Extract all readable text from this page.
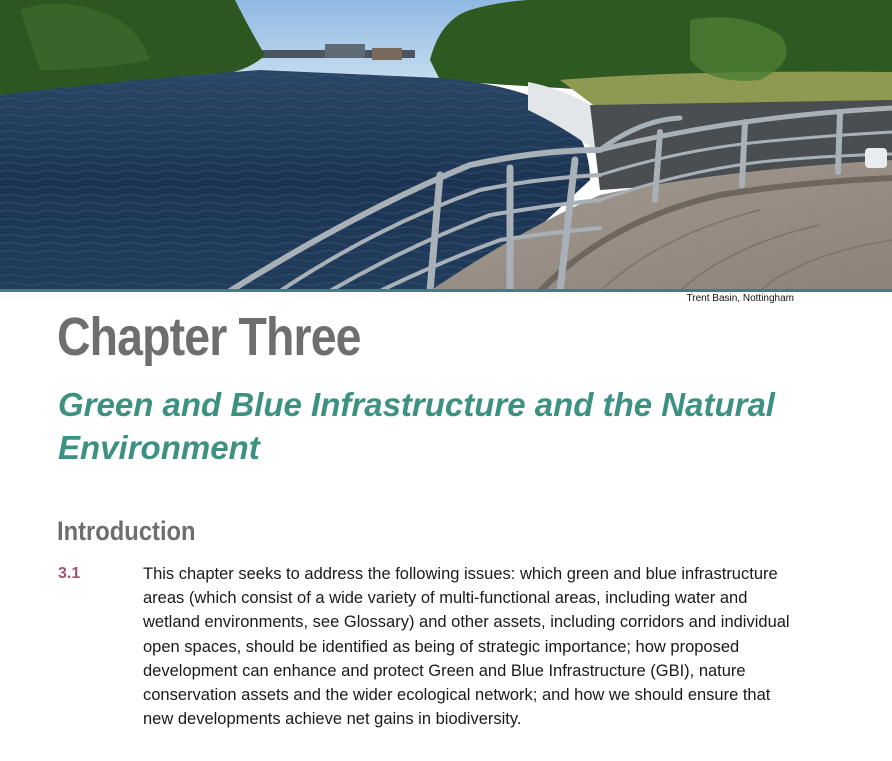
Trent Basin, Nottingham
Chapter Three
Green and Blue Infrastructure and the Natural Environment
Introduction
3.1	This chapter seeks to address the following issues: which green and blue infrastructure areas (which consist of a wide variety of multi-functional areas, including water and wetland environments, see Glossary) and other assets, including corridors and individual open spaces, should be identified as being of strategic importance; how proposed development can enhance and protect Green and Blue Infrastructure (GBI), nature conservation assets and the wider ecological network; and how we should ensure that new developments achieve net gains in biodiversity.
